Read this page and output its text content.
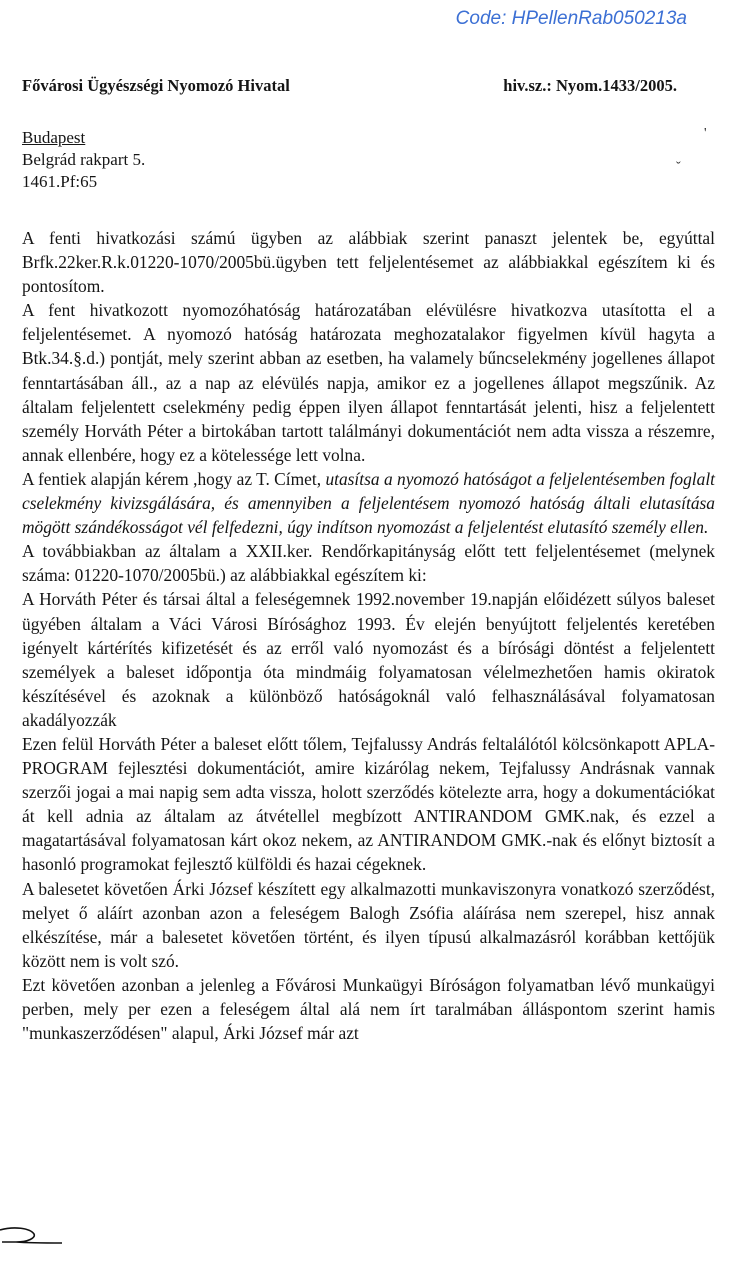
Code: HPellenRab050213a
Fővárosi Ügyészségi Nyomozó Hivatal	hiv.sz.: Nyom.1433/2005.
'
ˇ
Budapest
Belgrád rakpart 5.
1461.Pf:65

A fenti hivatkozási számú ügyben az alábbiak szerint panaszt jelentek be, egyúttal Brfk.22ker.R.k.01220-1070/2005bü.ügyben tett feljelentésemet az alábbiakkal egészítem ki és pontosítom.

A fent hivatkozott nyomozóhatóság határozatában elévülésre hivatkozva utasította el a feljelentésemet. A nyomozó hatóság határozata meghozatalakor figyelmen kívül hagyta a Btk.34.§.d.) pontját, mely szerint abban az esetben, ha valamely bűncselekmény jogellenes állapot fenntartásában áll., az a nap az elévülés napja, amikor ez a jogellenes állapot megszűnik. Az általam feljelentett cselekmény pedig éppen ilyen állapot fenntartását jelenti, hisz a feljelentett személy Horváth Péter a birtokában tartott találmányi dokumentációt nem adta vissza a részemre, annak ellenbére, hogy ez a kötelessége lett volna.

A fentiek alapján kérem ,hogy az T. Címet, utasítsa a nyomozó hatóságot a feljelentésemben foglalt cselekmény kivizsgálására, és amennyiben a feljelentésem nyomozó hatóság általi elutasítása mögött szándékosságot vél felfedezni, úgy indítson nyomozást a feljelentést elutasító személy ellen.

A továbbiakban az általam a XXII.ker. Rendőrkapitányság előtt tett feljelentésemet (melynek száma: 01220-1070/2005bü.) az alábbiakkal egészítem ki:

A Horváth Péter és társai által a feleségemnek 1992.november 19.napján előidézett súlyos baleset ügyében általam a Váci Városi Bírósághoz 1993. Év elején benyújtott feljelentés keretében igényelt kártérítés kifizetését és az erről való nyomozást és a bírósági döntést a feljelentett személyek a baleset időpontja óta mindmáig folyamatosan vélelmezhetően hamis okiratok készítésével és azoknak a különböző hatóságoknál való felhasználásával folyamatosan akadályozzák

Ezen felül Horváth Péter a baleset előtt tőlem, Tejfalussy András feltalálótól kölcsönkapott APLA-PROGRAM fejlesztési dokumentációt, amire kizárólag nekem, Tejfalussy Andrásnak vannak szerzői jogai a mai napig sem adta vissza, holott szerződés kötelezte arra, hogy a dokumentációkat át kell adnia az általam az átvétellel megbízott ANTIRANDOM GMK.nak, és ezzel a magatartásával folyamatosan kárt okoz nekem, az ANTIRANDOM GMK.-nak és előnyt biztosít a hasonló programokat fejlesztő külföldi és hazai cégeknek.

A balesetet követően Árki József készített egy alkalmazotti munkaviszonyra vonatkozó szerződést, melyet ő aláírt azonban azon a feleségem Balogh Zsófia aláírása nem szerepel, hisz annak elkészítése, már a balesetet követően történt, és ilyen típusú alkalmazásról korábban kettőjük között nem is volt szó.

Ezt követően azonban a jelenleg a Fővárosi Munkaügyi Bíróságon folyamatban lévő munkaügyi perben, mely per ezen a feleségem által alá nem írt taralmában álláspontom szerint hamis "munkaszerződésen" alapul, Árki József már azt
